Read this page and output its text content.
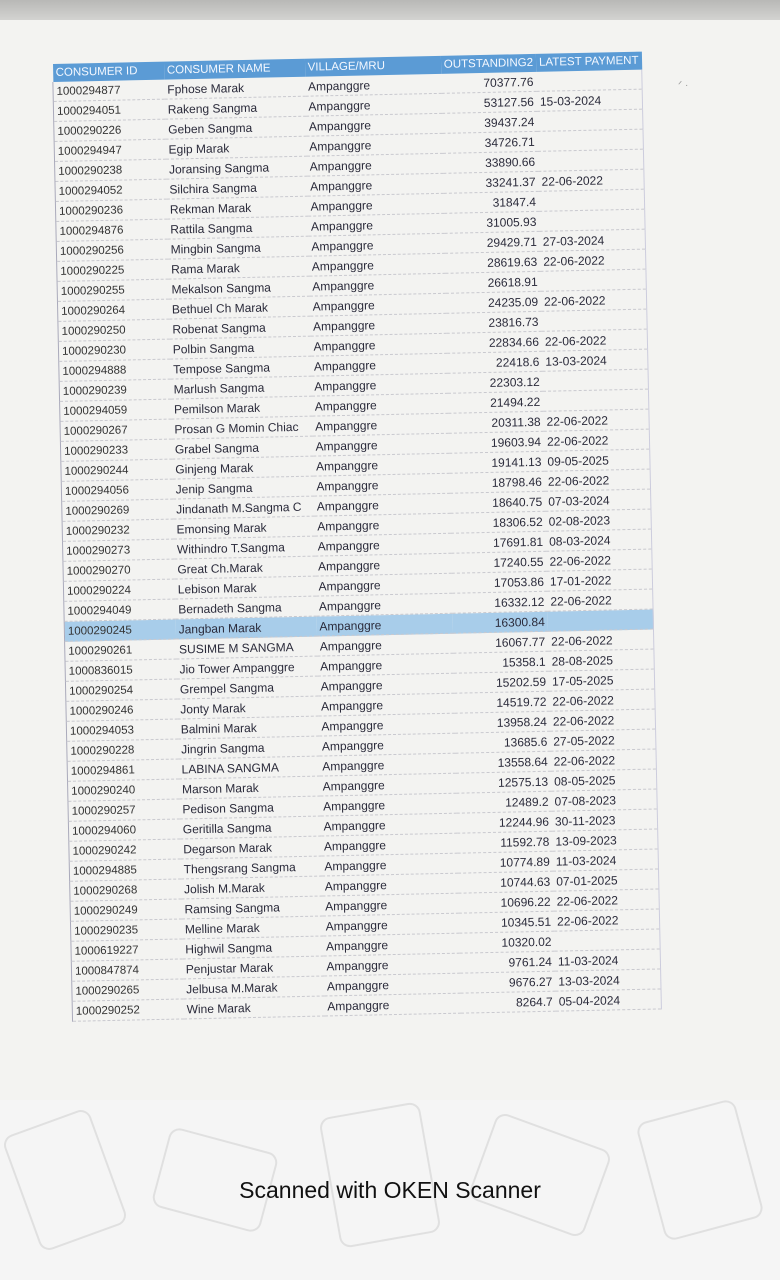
ᐟ ·
CONSUMER ID	CONSUMER NAME	VILLAGE/MRU	OUTSTANDING2	LATEST PAYMENT
1000294877	Fphose Marak	Ampanggre	70377.76	
1000294051	Rakeng Sangma	Ampanggre	53127.56	15-03-2024
1000290226	Geben Sangma	Ampanggre	39437.24	
1000294947	Egip Marak	Ampanggre	34726.71	
1000290238	Joransing Sangma	Ampanggre	33890.66	
1000294052	Silchira Sangma	Ampanggre	33241.37	22-06-2022
1000290236	Rekman Marak	Ampanggre	31847.4	
1000294876	Rattila Sangma	Ampanggre	31005.93	
1000290256	Mingbin Sangma	Ampanggre	29429.71	27-03-2024
1000290225	Rama Marak	Ampanggre	28619.63	22-06-2022
1000290255	Mekalson Sangma	Ampanggre	26618.91	
1000290264	Bethuel Ch Marak	Ampanggre	24235.09	22-06-2022
1000290250	Robenat Sangma	Ampanggre	23816.73	
1000290230	Polbin Sangma	Ampanggre	22834.66	22-06-2022
1000294888	Tempose Sangma	Ampanggre	22418.6	13-03-2024
1000290239	Marlush Sangma	Ampanggre	22303.12	
1000294059	Pemilson Marak	Ampanggre	21494.22	
1000290267	Prosan G Momin Chiac	Ampanggre	20311.38	22-06-2022
1000290233	Grabel Sangma	Ampanggre	19603.94	22-06-2022
1000290244	Ginjeng Marak	Ampanggre	19141.13	09-05-2025
1000294056	Jenip Sangma	Ampanggre	18798.46	22-06-2022
1000290269	Jindanath M.Sangma C	Ampanggre	18640.75	07-03-2024
1000290232	Emonsing Marak	Ampanggre	18306.52	02-08-2023
1000290273	Withindro T.Sangma	Ampanggre	17691.81	08-03-2024
1000290270	Great Ch.Marak	Ampanggre	17240.55	22-06-2022
1000290224	Lebison Marak	Ampanggre	17053.86	17-01-2022
1000294049	Bernadeth Sangma	Ampanggre	16332.12	22-06-2022
1000290245	Jangban Marak	Ampanggre	16300.84	
1000290261	SUSIME M SANGMA	Ampanggre	16067.77	22-06-2022
1000836015	Jio Tower Ampanggre	Ampanggre	15358.1	28-08-2025
1000290254	Grempel Sangma	Ampanggre	15202.59	17-05-2025
1000290246	Jonty Marak	Ampanggre	14519.72	22-06-2022
1000294053	Balmini Marak	Ampanggre	13958.24	22-06-2022
1000290228	Jingrin Sangma	Ampanggre	13685.6	27-05-2022
1000294861	LABINA SANGMA	Ampanggre	13558.64	22-06-2022
1000290240	Marson Marak	Ampanggre	12575.13	08-05-2025
1000290257	Pedison Sangma	Ampanggre	12489.2	07-08-2023
1000294060	Geritilla Sangma	Ampanggre	12244.96	30-11-2023
1000290242	Degarson Marak	Ampanggre	11592.78	13-09-2023
1000294885	Thengsrang Sangma	Ampanggre	10774.89	11-03-2024
1000290268	Jolish M.Marak	Ampanggre	10744.63	07-01-2025
1000290249	Ramsing Sangma	Ampanggre	10696.22	22-06-2022
1000290235	Melline Marak	Ampanggre	10345.51	22-06-2022
1000619227	Highwil Sangma	Ampanggre	10320.02	
1000847874	Penjustar Marak	Ampanggre	9761.24	11-03-2024
1000290265	Jelbusa M.Marak	Ampanggre	9676.27	13-03-2024
1000290252	Wine Marak	Ampanggre	8264.7	05-04-2024
Scanned with OKEN Scanner
